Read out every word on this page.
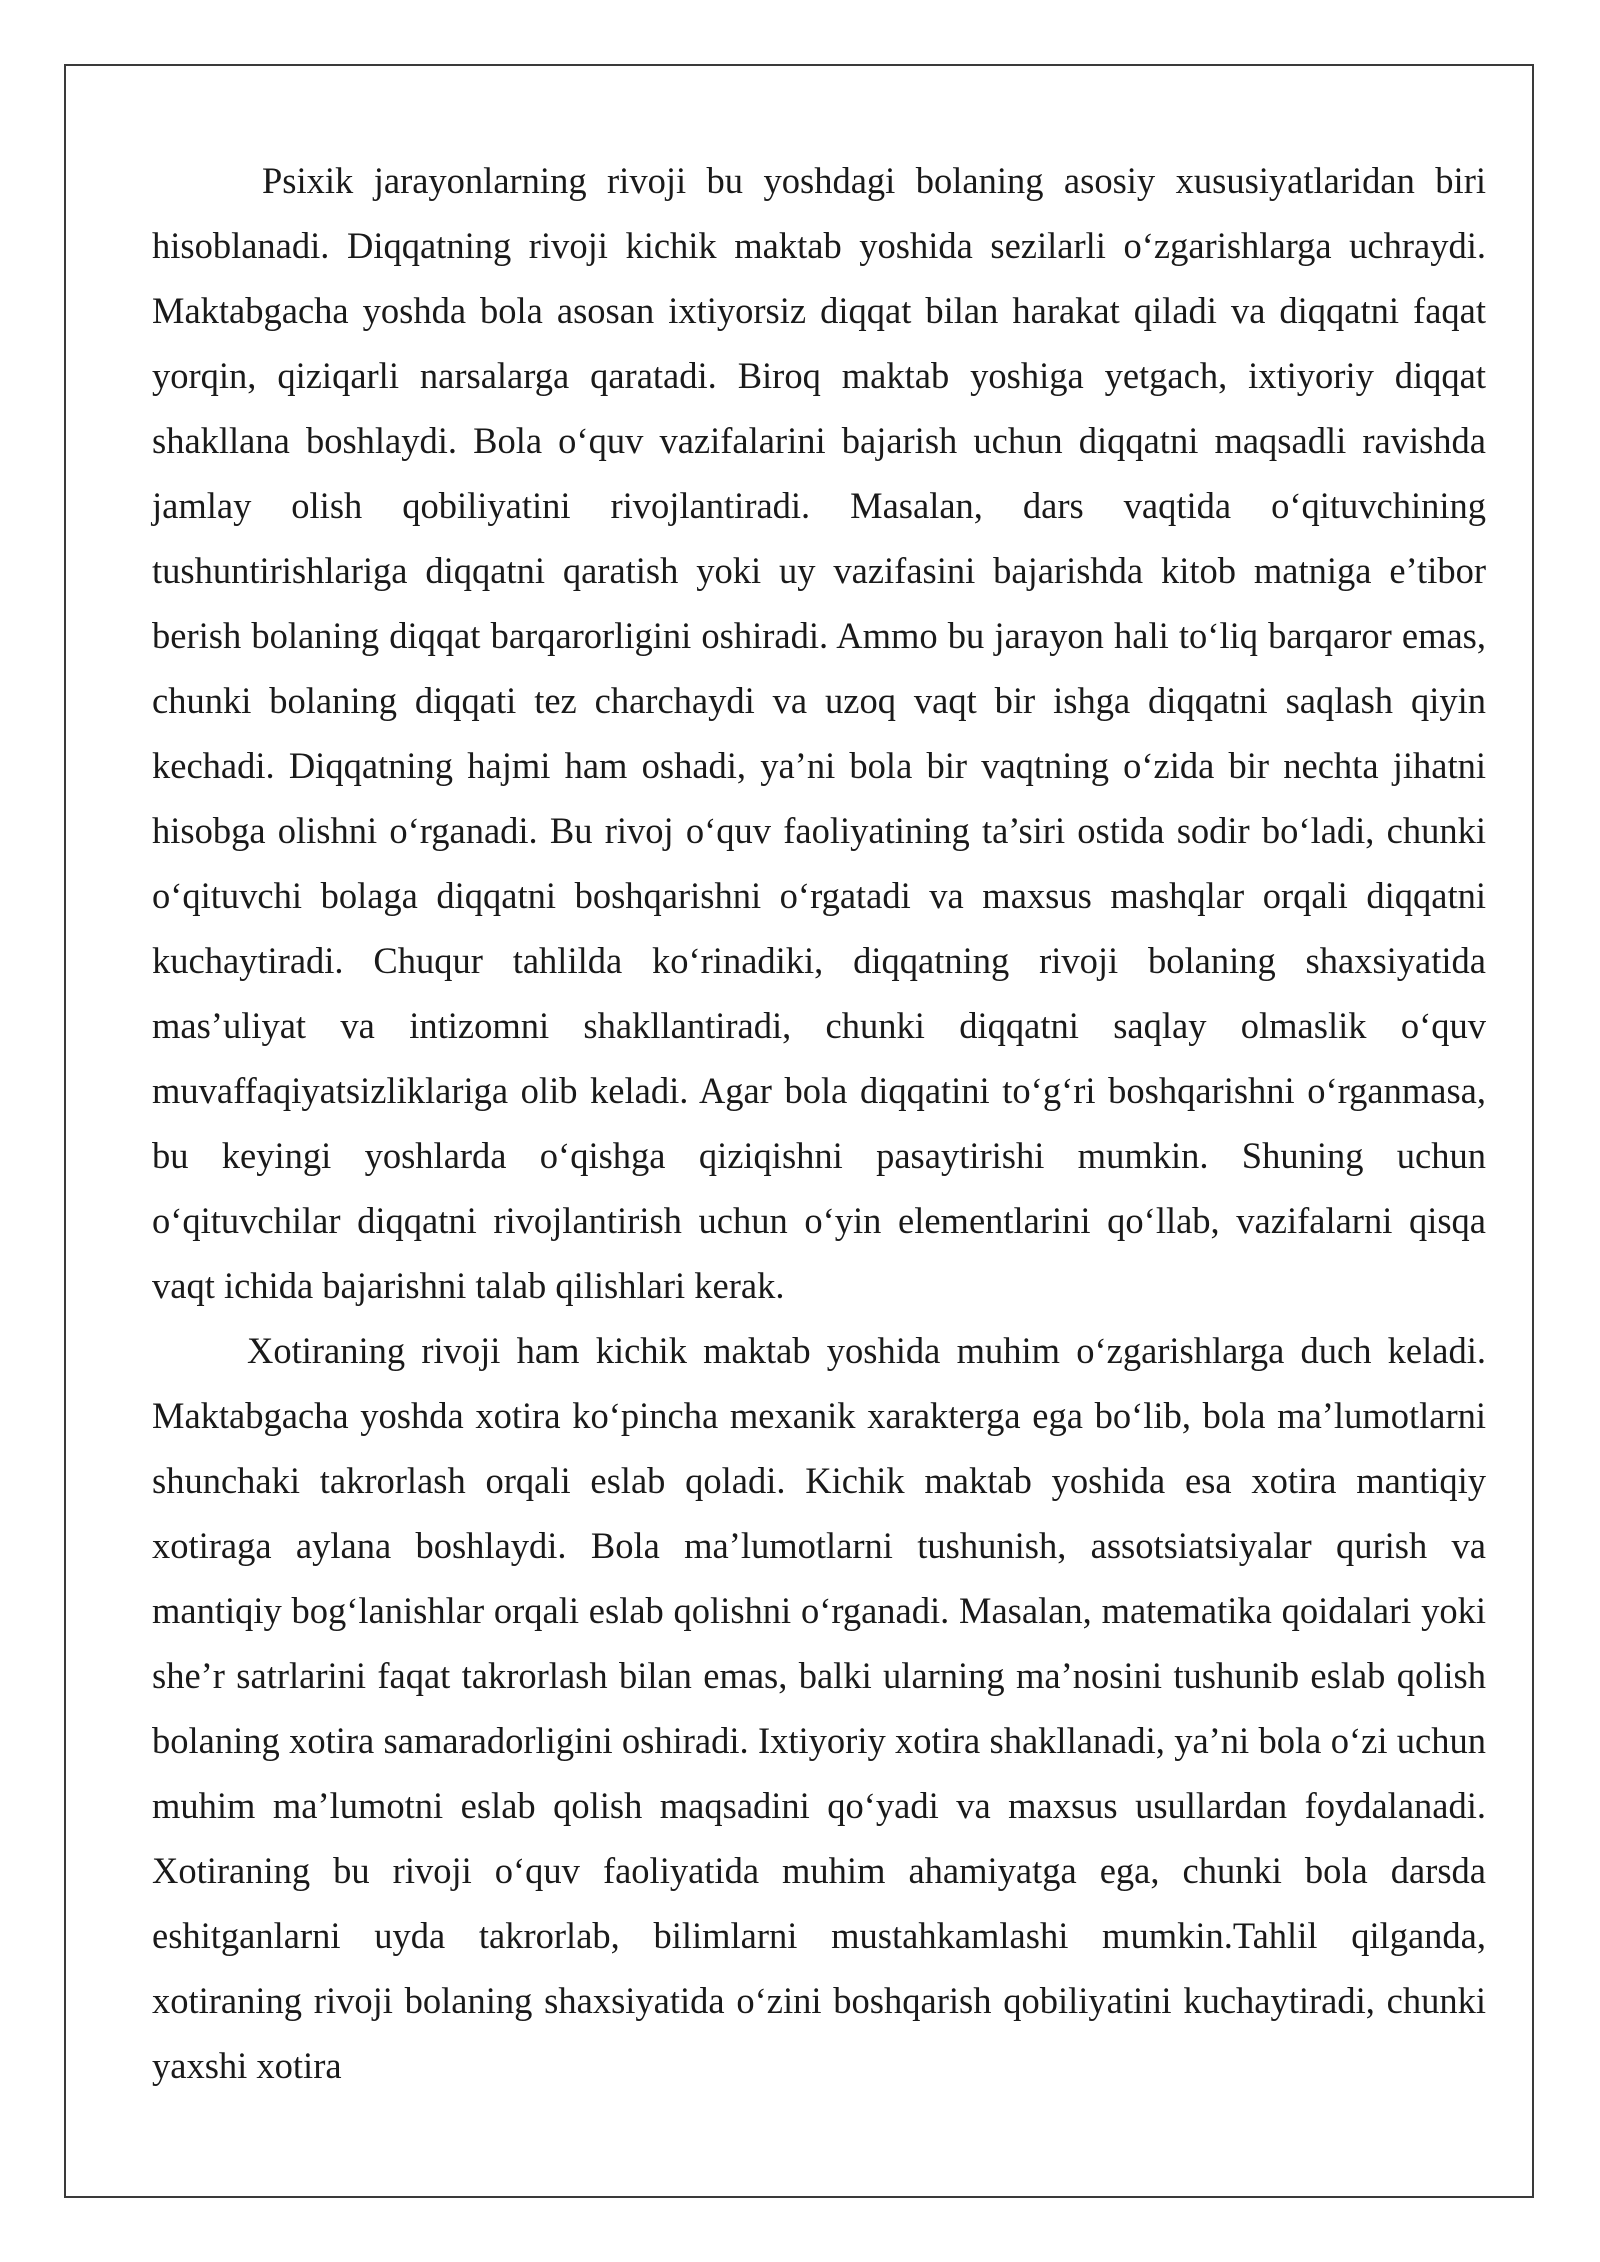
Psixik jarayonlarning rivoji bu yoshdagi bolaning asosiy xususiyatlaridan biri hisoblanadi. Diqqatning rivoji kichik maktab yoshida sezilarli o‘zgarishlarga uchraydi. Maktabgacha yoshda bola asosan ixtiyorsiz diqqat bilan harakat qiladi va diqqatni faqat yorqin, qiziqarli narsalarga qaratadi. Biroq maktab yoshiga yetgach, ixtiyoriy diqqat shakllana boshlaydi. Bola o‘quv vazifalarini bajarish uchun diqqatni maqsadli ravishda jamlay olish qobiliyatini rivojlantiradi. Masalan, dars vaqtida o‘qituvchining tushuntirishlariga diqqatni qaratish yoki uy vazifasini bajarishda kitob matniga e’tibor berish bolaning diqqat barqarorligini oshiradi. Ammo bu jarayon hali to‘liq barqaror emas, chunki bolaning diqqati tez charchaydi va uzoq vaqt bir ishga diqqatni saqlash qiyin kechadi. Diqqatning hajmi ham oshadi, ya’ni bola bir vaqtning o‘zida bir nechta jihatni hisobga olishni o‘rganadi. Bu rivoj o‘quv faoliyatining ta’siri ostida sodir bo‘ladi, chunki o‘qituvchi bolaga diqqatni boshqarishni o‘rgatadi va maxsus mashqlar orqali diqqatni kuchaytiradi. Chuqur tahlilda ko‘rinadiki, diqqatning rivoji bolaning shaxsiyatida mas’uliyat va intizomni shakllantiradi, chunki diqqatni saqlay olmaslik o‘quv muvaffaqiyatsizliklariga olib keladi. Agar bola diqqatini to‘g‘ri boshqarishni o‘rganmasa, bu keyingi yoshlarda o‘qishga qiziqishni pasaytirishi mumkin. Shuning uchun o‘qituvchilar diqqatni rivojlantirish uchun o‘yin elementlarini qo‘llab, vazifalarni qisqa vaqt ichida bajarishni talab qilishlari kerak.

Xotiraning rivoji ham kichik maktab yoshida muhim o‘zgarishlarga duch keladi. Maktabgacha yoshda xotira ko‘pincha mexanik xarakterga ega bo‘lib, bola ma’lumotlarni shunchaki takrorlash orqali eslab qoladi. Kichik maktab yoshida esa xotira mantiqiy xotiraga aylana boshlaydi. Bola ma’lumotlarni tushunish, assotsiatsiyalar qurish va mantiqiy bog‘lanishlar orqali eslab qolishni o‘rganadi. Masalan, matematika qoidalari yoki she’r satrlarini faqat takrorlash bilan emas, balki ularning ma’nosini tushunib eslab qolish bolaning xotira samaradorligini oshiradi. Ixtiyoriy xotira shakllanadi, ya’ni bola o‘zi uchun muhim ma’lumotni eslab qolish maqsadini qo‘yadi va maxsus usullardan foydalanadi. Xotiraning bu rivoji o‘quv faoliyatida muhim ahamiyatga ega, chunki bola darsda eshitganlarni uyda takrorlab, bilimlarni mustahkamlashi mumkin.Tahlil qilganda, xotiraning rivoji bolaning shaxsiyatida o‘zini boshqarish qobiliyatini kuchaytiradi, chunki yaxshi xotira
